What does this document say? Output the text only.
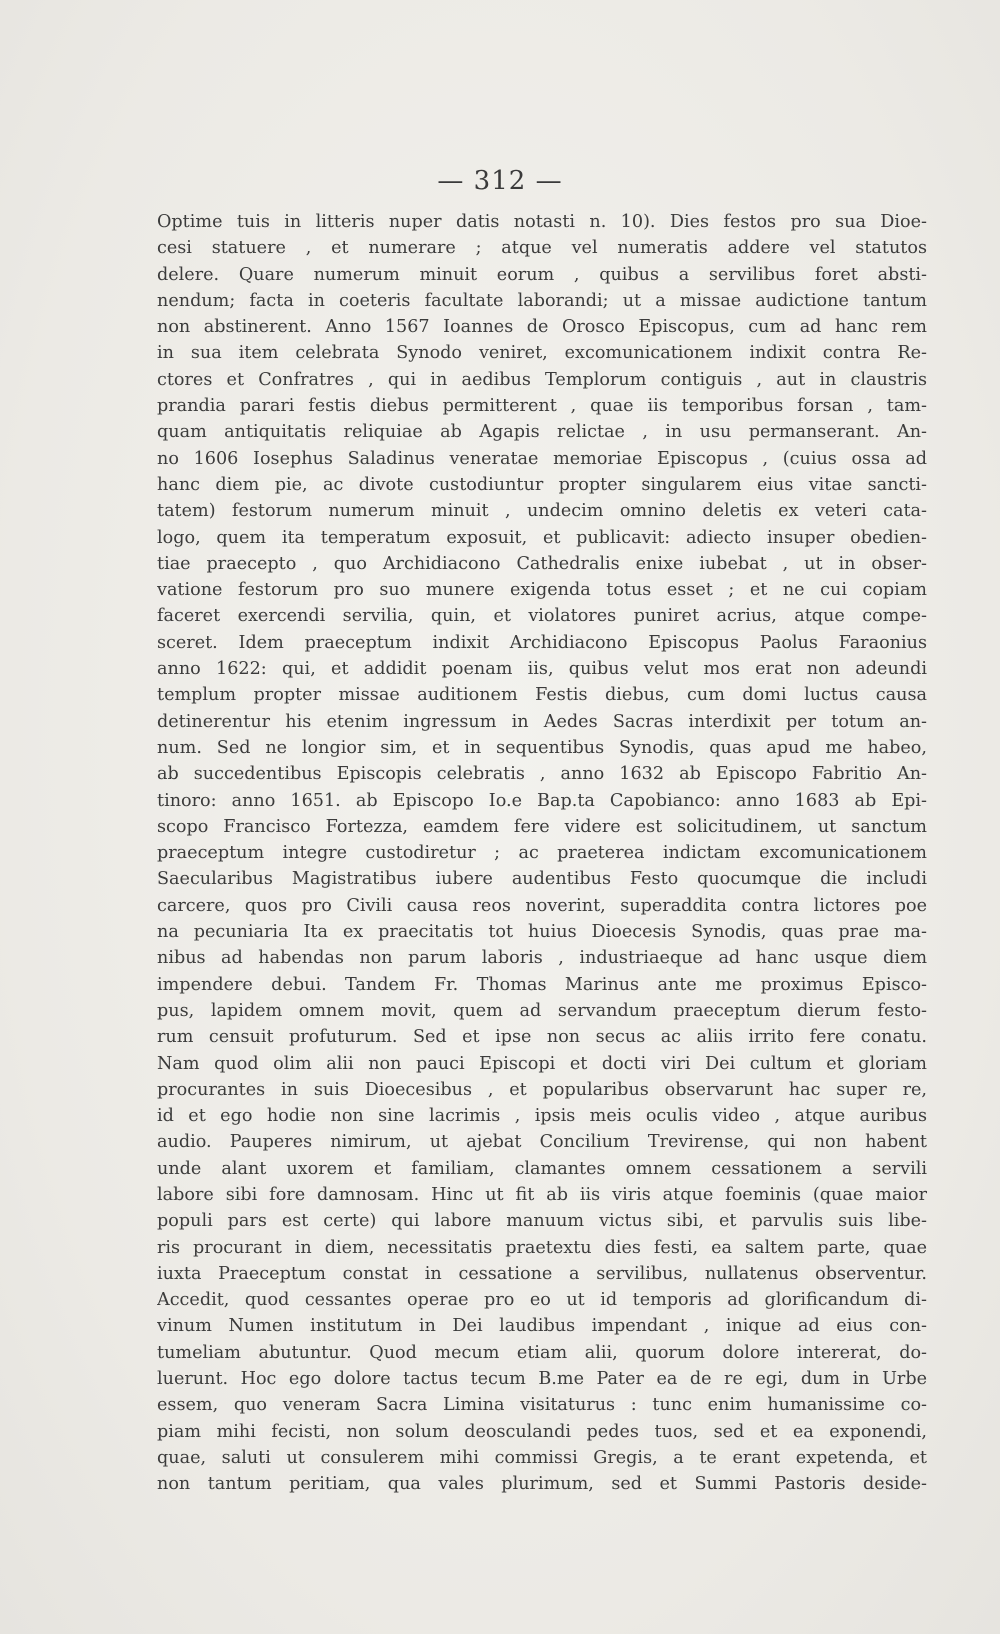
— 312 —
Optime tuis in litteris nuper datis notasti n. 10). Dies festos pro sua Dioe-
cesi statuere , et numerare ; atque vel numeratis addere vel statutos
delere. Quare numerum minuit eorum , quibus a servilibus foret absti-
nendum; facta in coeteris facultate laborandi; ut a missae audictione tantum
non abstinerent. Anno 1567 Ioannes de Orosco Episcopus, cum ad hanc rem
in sua item celebrata Synodo veniret, excomunicationem indixit contra Re-
ctores et Confratres , qui in aedibus Templorum contiguis , aut in claustris
prandia parari festis diebus permitterent , quae iis temporibus forsan , tam-
quam antiquitatis reliquiae ab Agapis relictae , in usu permanserant. An-
no 1606 Iosephus Saladinus veneratae memoriae Episcopus , (cuius ossa ad
hanc diem pie, ac divote custodiuntur propter singularem eius vitae sancti-
tatem) festorum numerum minuit , undecim omnino deletis ex veteri cata-
logo, quem ita temperatum exposuit, et publicavit: adiecto insuper obedien-
tiae praecepto , quo Archidiacono Cathedralis enixe iubebat , ut in obser-
vatione festorum pro suo munere exigenda totus esset ; et ne cui copiam
faceret exercendi servilia, quin, et violatores puniret acrius, atque compe-
sceret. Idem praeceptum indixit Archidiacono Episcopus Paolus Faraonius
anno 1622: qui, et addidit poenam iis, quibus velut mos erat non adeundi
templum propter missae auditionem Festis diebus, cum domi luctus causa
detinerentur his etenim ingressum in Aedes Sacras interdixit per totum an-
num. Sed ne longior sim, et in sequentibus Synodis, quas apud me habeo,
ab succedentibus Episcopis celebratis , anno 1632 ab Episcopo Fabritio An-
tinoro: anno 1651. ab Episcopo Io.e Bap.ta Capobianco: anno 1683 ab Epi-
scopo Francisco Fortezza, eamdem fere videre est solicitudinem, ut sanctum
praeceptum integre custodiretur ; ac praeterea indictam excomunicationem
Saecularibus Magistratibus iubere audentibus Festo quocumque die includi
carcere, quos pro Civili causa reos noverint, superaddita contra lictores poe
na pecuniaria Ita ex praecitatis tot huius Dioecesis Synodis, quas prae ma-
nibus ad habendas non parum laboris , industriaeque ad hanc usque diem
impendere debui. Tandem Fr. Thomas Marinus ante me proximus Episco-
pus, lapidem omnem movit, quem ad servandum praeceptum dierum festo-
rum censuit profuturum. Sed et ipse non secus ac aliis irrito fere conatu.
Nam quod olim alii non pauci Episcopi et docti viri Dei cultum et gloriam
procurantes in suis Dioecesibus , et popularibus observarunt hac super re,
id et ego hodie non sine lacrimis , ipsis meis oculis video , atque auribus
audio. Pauperes nimirum, ut ajebat Concilium Trevirense, qui non habent
unde alant uxorem et familiam, clamantes omnem cessationem a servili
labore sibi fore damnosam. Hinc ut fit ab iis viris atque foeminis (quae maior
populi pars est certe) qui labore manuum victus sibi, et parvulis suis libe-
ris procurant in diem, necessitatis praetextu dies festi, ea saltem parte, quae
iuxta Praeceptum constat in cessatione a servilibus, nullatenus observentur.
Accedit, quod cessantes operae pro eo ut id temporis ad glorificandum di-
vinum Numen institutum in Dei laudibus impendant , inique ad eius con-
tumeliam abutuntur. Quod mecum etiam alii, quorum dolore intererat, do-
luerunt. Hoc ego dolore tactus tecum B.me Pater ea de re egi, dum in Urbe
essem, quo veneram Sacra Limina visitaturus : tunc enim humanissime co-
piam mihi fecisti, non solum deosculandi pedes tuos, sed et ea exponendi,
quae, saluti ut consulerem mihi commissi Gregis, a te erant expetenda, et
non tantum peritiam, qua vales plurimum, sed et Summi Pastoris deside-
